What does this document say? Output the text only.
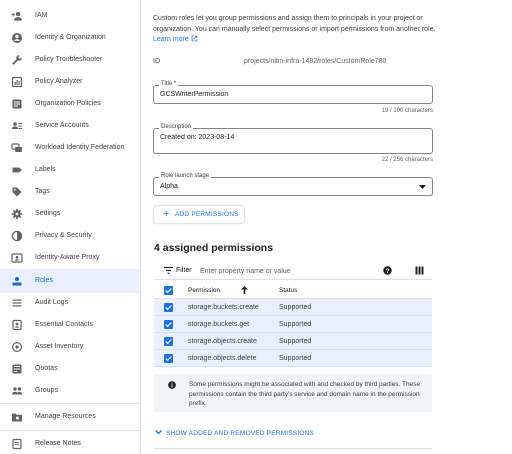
IAM
Identity & Organization
Policy Troubleshooter
Policy Analyzer
Organization Policies
Service Accounts
Workload Identity Federation
Labels
Tags
Settings
Privacy & Security
Identity-Aware Proxy
Roles
Audit Logs
Essential Contacts
Asset Inventory
Quotas
Groups
Manage Resources
Release Notes

Custom roles let you group permissions and assign them to principals in your project or organization. You can manually select permissions or import permissions from another role. Learn more

ID	projects/nitin-infra-1482/roles/CustomRole780
Title *
GCSWriterPermission
19 / 100 characters
Description
Created on: 2023-08-14
22 / 256 characters
Role launch stage
Alpha
+ ADD PERMISSIONS
4 assigned permissions
Filter
Enter property name or value	?
Permission	Status
storage.buckets.create	Supported
storage.buckets.get	Supported
storage.objects.create	Supported
storage.objects.delete	Supported

Some permissions might be associated with and checked by third parties. These permissions contain the third party's service and domain name in the permission prefix.

SHOW ADDED AND REMOVED PERMISSIONS
